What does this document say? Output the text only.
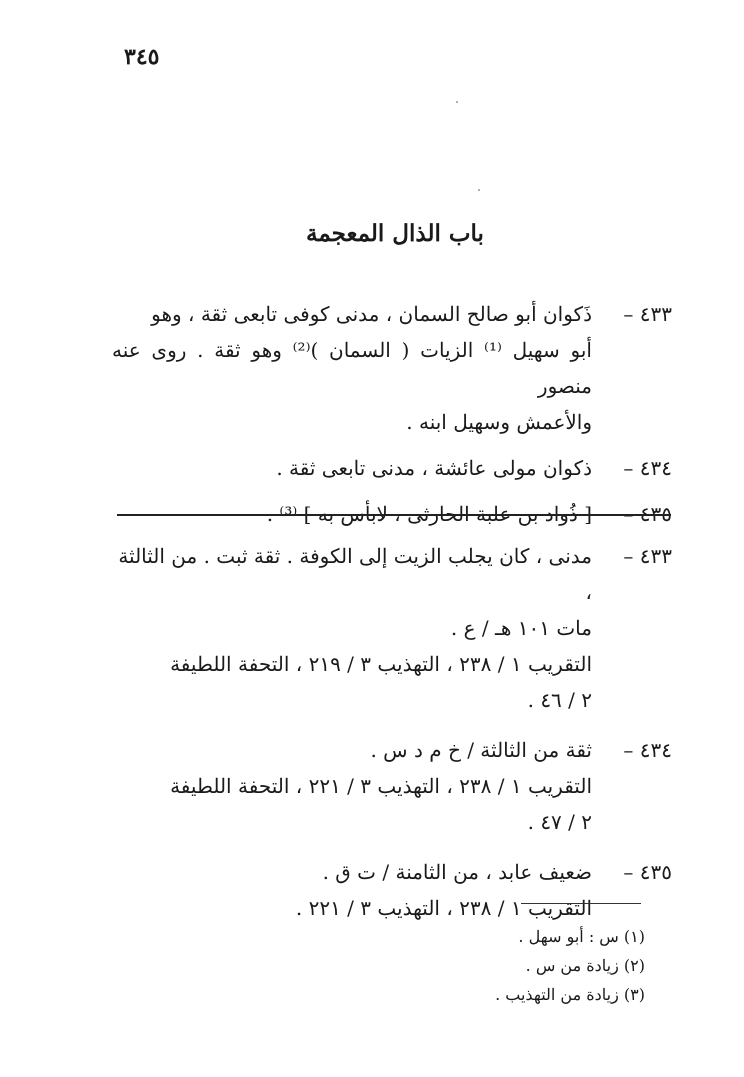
٣٤٥
باب الذال المعجمة
٤٣٣ –
ذَكوان أبو صالح السمان ، مدنى كوفى تابعى ثقة ، وهو
أبو سهيل ⁽¹⁾ الزيات ( السمان )⁽²⁾ وهو ثقة . روى عنه منصور
والأعمش وسهيل ابنه .
٤٣٤ –
ذكوان مولى عائشة ، مدنى تابعى ثقة .
٤٣٥ –
[ ذُواد بن علبة الحارثى ، لابأس به ] ⁽³⁾ .
٤٣٣ –
مدنى ، كان يجلب الزيت إلى الكوفة . ثقة ثبت . من الثالثة ،
مات ١٠١ هـ / ع .
التقريب ١ / ٢٣٨ ، التهذيب ٣ / ٢١٩ ، التحفة اللطيفة
٢ / ٤٦ .
٤٣٤ –
ثقة من الثالثة / خ م د س .
التقريب ١ / ٢٣٨ ، التهذيب ٣ / ٢٢١ ، التحفة اللطيفة
٢ / ٤٧ .
٤٣٥ –
ضعيف عابد ، من الثامنة / ت ق .
التقريب ١ / ٢٣٨ ، التهذيب ٣ / ٢٢١ .
(١) س : أبو سهل .
(٢) زيادة من س .
(٣) زيادة من التهذيب .
